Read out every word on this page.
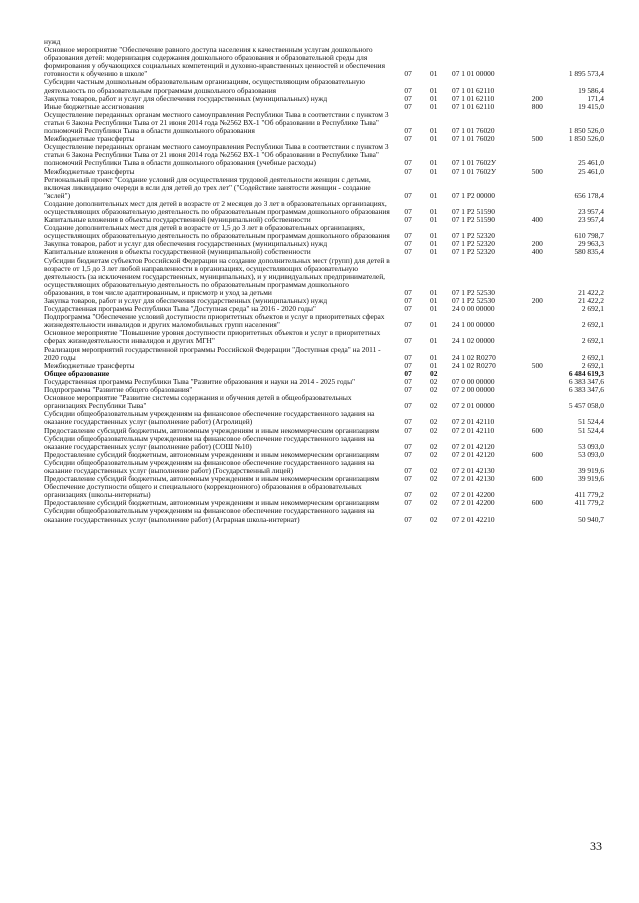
нужд					
Основное мероприятие "Обеспечение равного доступа населения к качественным услугам дошкольного образования детей: модернизация содержания дошкольного образования и образовательной среды для формирования у обучающихся социальных компетенций и духовно-нравственных ценностей и обеспечения готовности к обучению в школе"	07	01	07 1 01 00000		1 895 573,4
Субсидии частным дошкольным образовательным организациям, осуществляющим образовательную деятельность по образовательным программам дошкольного образования	07	01	07 1 01 62110		19 586,4
Закупка товаров, работ и услуг для обеспечения государственных (муниципальных) нужд	07	01	07 1 01 62110	200	171,4
Иные бюджетные ассигнования	07	01	07 1 01 62110	800	19 415,0
Осуществление переданных органам местного самоуправления Республики Тыва в соответствии с пунктом 3 статьи 6 Закона Республики Тыва от 21 июня 2014 года №2562 ВХ-1 "Об образовании в Республике Тыва" полномочий Республики Тыва в области дошкольного образования	07	01	07 1 01 76020		1 850 526,0
Межбюджетные трансферты	07	01	07 1 01 76020	500	1 850 526,0
Осуществление переданных органам местного самоуправления Республики Тыва в соответствии с пунктом 3 статьи 6 Закона Республики Тыва от 21 июня 2014 года №2562 ВХ-1 "Об образовании в Республике Тыва" полномочий Республики Тыва в области дошкольного образования (учебные расходы)	07	01	07 1 01 7602У		25 461,0
Межбюджетные трансферты	07	01	07 1 01 7602У	500	25 461,0
Региональный проект "Создание условий для осуществления трудовой деятельности женщин с детьми, включая ликвидацию очереди в ясли для детей до трех лет" ("Содействие занятости женщин - создание "яслей")	07	01	07 1 P2 00000		656 178,4
Создание дополнительных мест для детей в возрасте от 2 месяцев до 3 лет в образовательных организациях, осуществляющих образовательную деятельность по образовательным программам дошкольного образования	07	01	07 1 P2 51590		23 957,4
Капитальные вложения в объекты государственной (муниципальной) собственности	07	01	07 1 P2 51590	400	23 957,4
Создание дополнительных мест для детей в возрасте от 1,5 до 3 лет в образовательных организациях, осуществляющих образовательную деятельность по образовательным программам дошкольного образования	07	01	07 1 P2 52320		610 798,7
Закупка товаров, работ и услуг для обеспечения государственных (муниципальных) нужд	07	01	07 1 P2 52320	200	29 963,3
Капитальные вложения в объекты государственной (муниципальной) собственности	07	01	07 1 P2 52320	400	580 835,4
Субсидии бюджетам субъектов Российской Федерации на создание дополнительных мест (групп) для детей в возрасте от 1,5 до 3 лет любой направленности в организациях, осуществляющих образовательную деятельность (за исключением государственных, муниципальных), и у индивидуальных предпринимателей, осуществляющих образовательную деятельность по образовательным программам дошкольного образования, в том числе адаптированным, и присмотр и уход за детьми	07	01	07 1 P2 52530		21 422,2
Закупка товаров, работ и услуг для обеспечения государственных (муниципальных) нужд	07	01	07 1 P2 52530	200	21 422,2
Государственная программа Республики Тыва "Доступная среда" на 2016 - 2020 годы"	07	01	24 0 00 00000		2 692,1
Подпрограмма "Обеспечение условий доступности приоритетных объектов и услуг в приоритетных сферах жизнедеятельности инвалидов и других маломобильных групп населения"	07	01	24 1 00 00000		2 692,1
Основное мероприятие "Повышение уровня доступности приоритетных объектов и услуг в приоритетных сферах жизнедеятельности инвалидов и других МГН"	07	01	24 1 02 00000		2 692,1
Реализация мероприятий государственной программы Российской Федерации "Доступная среда" на 2011 - 2020 годы	07	01	24 1 02 R0270		2 692,1
Межбюджетные трансферты	07	01	24 1 02 R0270	500	2 692,1
Общее образование	07	02			6 484 619,3
Государственная программа Республики Тыва "Развитие образования и науки на 2014 - 2025 годы"	07	02	07 0 00 00000		6 383 347,6
Подпрограмма "Развитие общего образования"	07	02	07 2 00 00000		6 383 347,6
Основное мероприятие "Развитие системы содержания и обучения детей в общеобразовательных организациях Республики Тыва"	07	02	07 2 01 00000		5 457 058,0
Субсидии общеобразовательным учреждениям на финансовое обеспечение государственного задания на оказание государственных услуг (выполнение работ) (Агролицей)	07	02	07 2 01 42110		51 524,4
Предоставление субсидий бюджетным, автономным учреждениям и иным некоммерческим организациям	07	02	07 2 01 42110	600	51 524,4
Субсидии общеобразовательным учреждениям на финансовое обеспечение государственного задания на оказание государственных услуг (выполнение работ) (СОШ №10)	07	02	07 2 01 42120		53 093,0
Предоставление субсидий бюджетным, автономным учреждениям и иным некоммерческим организациям	07	02	07 2 01 42120	600	53 093,0
Субсидии общеобразовательным учреждениям на финансовое обеспечение государственного задания на оказание государственных услуг (выполнение работ) (Государственный лицей)	07	02	07 2 01 42130		39 919,6
Предоставление субсидий бюджетным, автономным учреждениям и иным некоммерческим организациям	07	02	07 2 01 42130	600	39 919,6
Обеспечение доступности общего и специального (коррекционного) образования в образовательных организациях (школы-интернаты)	07	02	07 2 01 42200		411 779,2
Предоставление субсидий бюджетным, автономным учреждениям и иным некоммерческим организациям	07	02	07 2 01 42200	600	411 779,2
Субсидии общеобразовательным учреждениям на финансовое обеспечение государственного задания на оказание государственных услуг (выполнение работ) (Аграрная школа-интернат)	07	02	07 2 01 42210		50 940,7
33
